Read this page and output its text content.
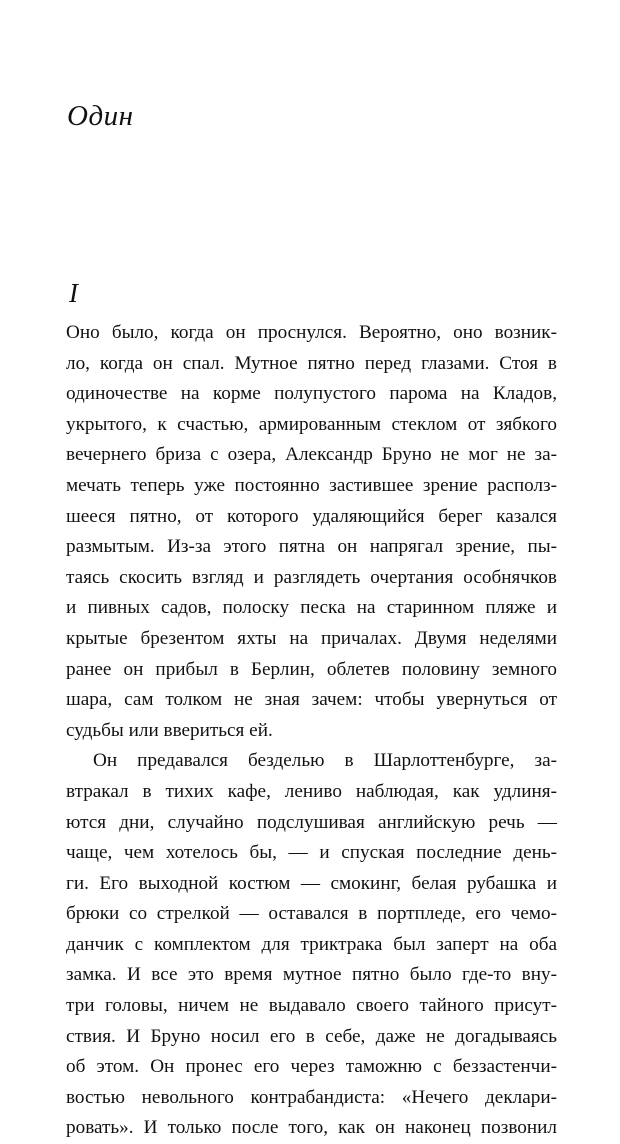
Один
I
Оно было, когда он проснулся. Вероятно, оно возник-
ло, когда он спал. Мутное пятно перед глазами. Стоя в
одиночестве на корме полупустого парома на Кладов,
укрытого, к счастью, армированным стеклом от зябкого
вечернего бриза с озера, Александр Бруно не мог не за-
мечать теперь уже постоянно застившее зрение располз-
шееся пятно, от которого удаляющийся берег казался
размытым. Из-за этого пятна он напрягал зрение, пы-
таясь скосить взгляд и разглядеть очертания особнячков
и пивных садов, полоску песка на старинном пляже и
крытые брезентом яхты на причалах. Двумя неделями
ранее он прибыл в Берлин, облетев половину земного
шара, сам толком не зная зачем: чтобы увернуться от
судьбы или ввериться ей.
Он предавался безделью в Шарлоттенбурге, за-
втракал в тихих кафе, лениво наблюдая, как удлиня-
ются дни, случайно подслушивая английскую речь —
чаще, чем хотелось бы, — и спуская последние день-
ги. Его выходной костюм — смокинг, белая рубашка и
брюки со стрелкой — оставался в портпледе, его чемо-
данчик с комплектом для триктрака был заперт на оба
замка. И все это время мутное пятно было где-то вну-
три головы, ничем не выдавало своего тайного присут-
ствия. И Бруно носил его в себе, даже не догадываясь
об этом. Он пронес его через таможню с беззастенчи-
востью невольного контрабандиста: «Нечего деклари-
ровать». И только после того, как он наконец позвонил
